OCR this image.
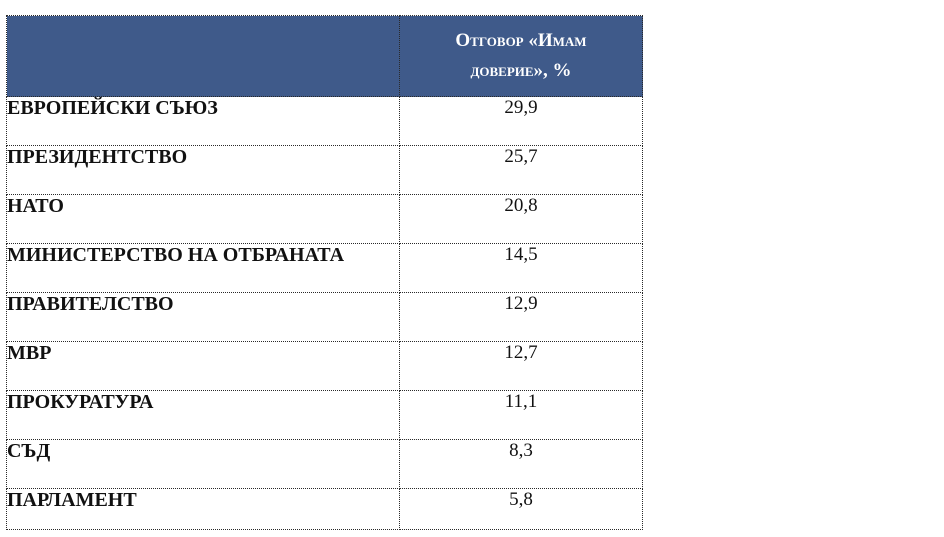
	Отговор «Имам
доверие», %
ЕВРОПЕЙСКИ СЪЮЗ	29,9
ПРЕЗИДЕНТСТВО	25,7
НАТО	20,8
МИНИСТЕРСТВО НА ОТБРАНАТА	14,5
ПРАВИТЕЛСТВО	12,9
МВР	12,7
ПРОКУРАТУРА	11,1
СЪД	8,3
ПАРЛАМЕНТ	5,8
